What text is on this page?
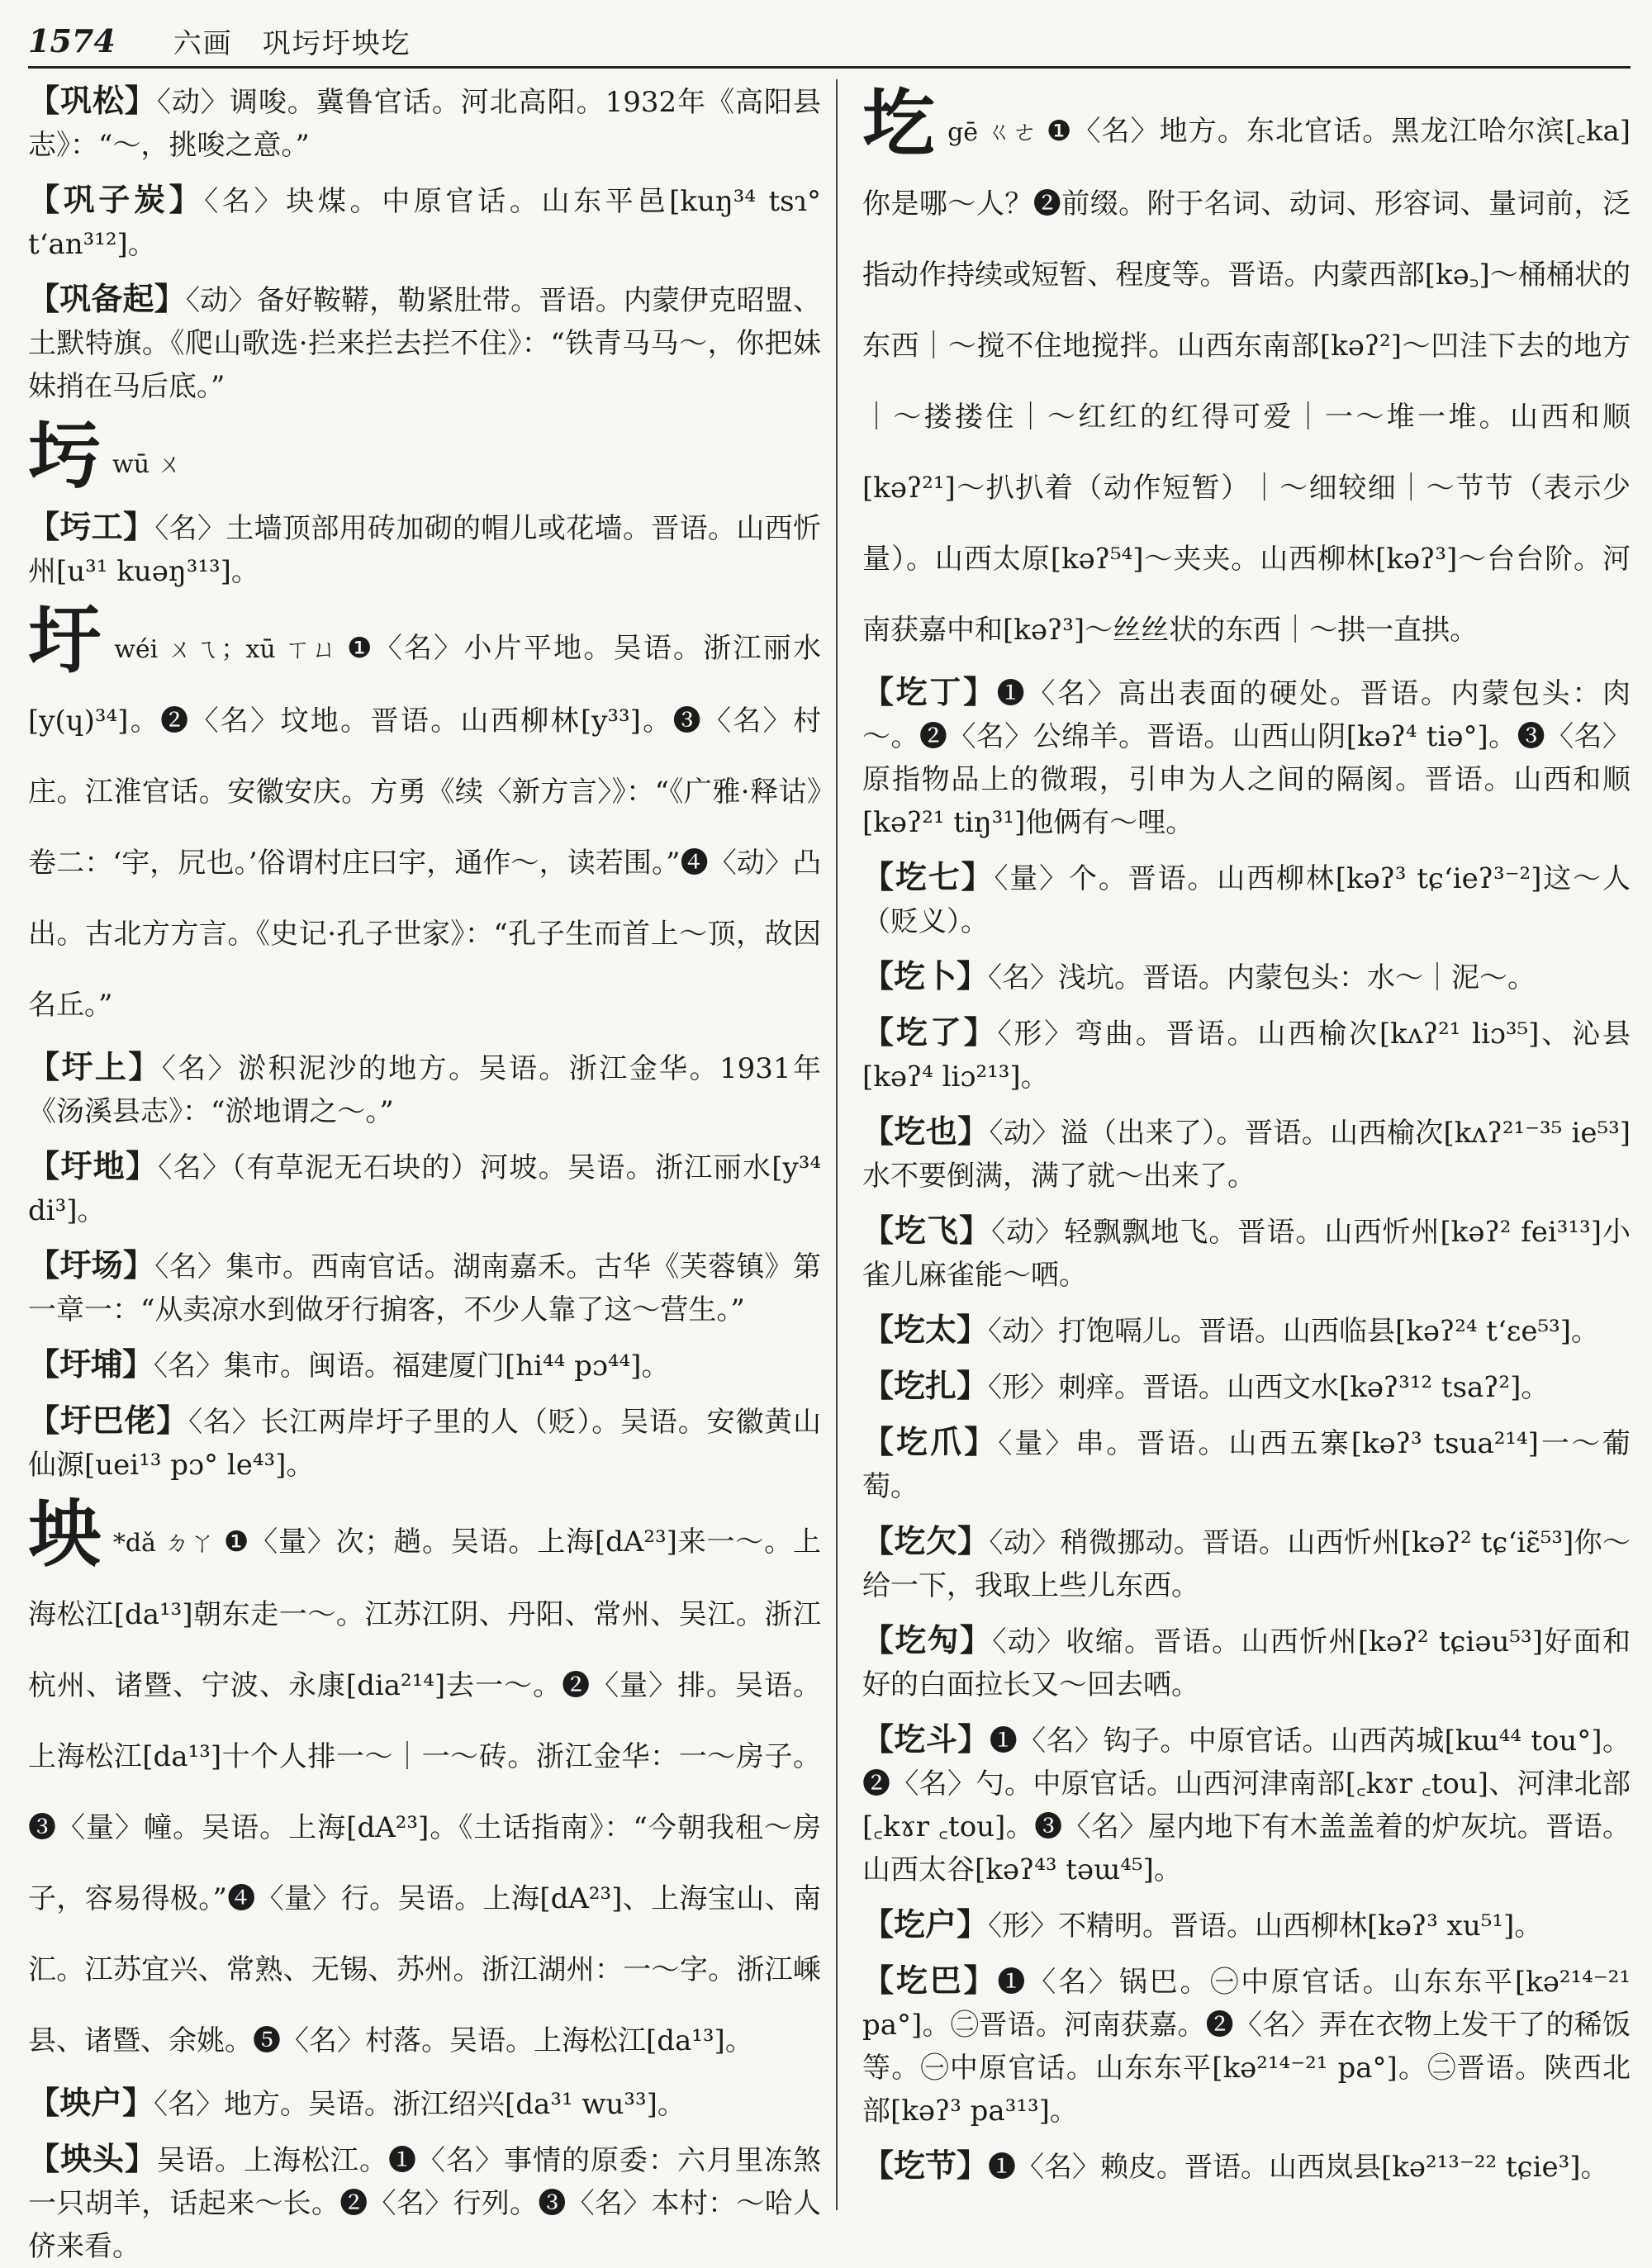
1574 六画　巩圬圩坱圪
【巩松】〈动〉调唆。冀鲁官话。河北高阳。1932年《高阳县志》：“～，挑唆之意。”
【巩子炭】〈名〉块煤。中原官话。山东平邑[kuŋ³⁴ tsɿ° tʻan³¹²]。
【巩备起】〈动〉备好鞍鞯，勒紧肚带。晋语。内蒙伊克昭盟、土默特旗。《爬山歌选·拦来拦去拦不住》：“铁青马马～，你把妹妹捎在马后底。”
圬wū ㄨ
【圬工】〈名〉土墙顶部用砖加砌的帽儿或花墙。晋语。山西忻州[u³¹ kuəŋ³¹³]。
圩wéi ㄨㄟ；xū ㄒㄩ ❶〈名〉小片平地。吴语。浙江丽水[y(ɥ)³⁴]。❷〈名〉坟地。晋语。山西柳林[y³³]。❸〈名〉村庄。江淮官话。安徽安庆。方勇《续〈新方言〉》：“《广雅·释诂》卷二：‘宇，凥也。’俗谓村庄曰宇，通作～，读若围。”❹〈动〉凸出。古北方方言。《史记·孔子世家》：“孔子生而首上～顶，故因名丘。”
【圩上】〈名〉淤积泥沙的地方。吴语。浙江金华。1931年《汤溪县志》：“淤地谓之～。”
【圩地】〈名〉（有草泥无石块的）河坡。吴语。浙江丽水[y³⁴ di³]。
【圩场】〈名〉集市。西南官话。湖南嘉禾。古华《芙蓉镇》第一章一：“从卖凉水到做牙行掮客，不少人靠了这～营生。”
【圩埔】〈名〉集市。闽语。福建厦门[hi⁴⁴ pɔ⁴⁴]。
【圩巴佬】〈名〉长江两岸圩子里的人（贬）。吴语。安徽黄山仙源[uei¹³ pɔ° le⁴³]。
坱 *dǎ ㄉㄚ ❶〈量〉次；趟。吴语。上海[dA²³]来一～。上海松江[da¹³]朝东走一～。江苏江阴、丹阳、常州、吴江。浙江杭州、诸暨、宁波、永康[dia²¹⁴]去一～。❷〈量〉排。吴语。上海松江[da¹³]十个人排一～｜一～砖。浙江金华：一～房子。❸〈量〉幢。吴语。上海[dA²³]。《土话指南》：“今朝我租～房子，容易得极。”❹〈量〉行。吴语。上海[dA²³]、上海宝山、南汇。江苏宜兴、常熟、无锡、苏州。浙江湖州：一～字。浙江嵊县、诸暨、余姚。❺〈名〉村落。吴语。上海松江[da¹³]。
【坱户】〈名〉地方。吴语。浙江绍兴[da³¹ wu³³]。
【坱头】吴语。上海松江。❶〈名〉事情的原委：六月里冻煞一只胡羊，话起来～长。❷〈名〉行列。❸〈名〉本村：～哈人侪来看。
圪gē ㄍㄜ ❶〈名〉地方。东北官话。黑龙江哈尔滨[꜀ka]你是哪～人？❷前缀。附于名词、动词、形容词、量词前，泛指动作持续或短暂、程度等。晋语。内蒙西部[kə꜆]～桶桶状的东西｜～搅不住地搅拌。山西东南部[kəʔ²]～凹洼下去的地方｜～搂搂住｜～红红的红得可爱｜一～堆一堆。山西和顺[kəʔ²¹]～扒扒着（动作短暂）｜～细较细｜～节节（表示少量）。山西太原[kəʔ⁵⁴]～夹夹。山西柳林[kəʔ³]～台台阶。河南获嘉中和[kəʔ³]～丝丝状的东西｜～拱一直拱。
【圪丁】❶〈名〉高出表面的硬处。晋语。内蒙包头：肉～。❷〈名〉公绵羊。晋语。山西山阴[kəʔ⁴ tiə°]。❸〈名〉原指物品上的微瑕，引申为人之间的隔阂。晋语。山西和顺[kəʔ²¹ tiŋ³¹]他俩有～哩。
【圪七】〈量〉个。晋语。山西柳林[kəʔ³ tɕʻieʔ³⁻²]这～人（贬义）。
【圪卜】〈名〉浅坑。晋语。内蒙包头：水～｜泥～。
【圪了】〈形〉弯曲。晋语。山西榆次[kʌʔ²¹ liɔ³⁵]、沁县[kəʔ⁴ liɔ²¹³]。
【圪也】〈动〉溢（出来了）。晋语。山西榆次[kʌʔ²¹⁻³⁵ ie⁵³]水不要倒满，满了就～出来了。
【圪飞】〈动〉轻飘飘地飞。晋语。山西忻州[kəʔ² fei³¹³]小雀儿麻雀能～哂。
【圪太】〈动〉打饱嗝儿。晋语。山西临县[kəʔ²⁴ tʻɛe⁵³]。
【圪扎】〈形〉刺痒。晋语。山西文水[kəʔ³¹² tsaʔ²]。
【圪爪】〈量〉串。晋语。山西五寨[kəʔ³ tsua²¹⁴]一～葡萄。
【圪欠】〈动〉稍微挪动。晋语。山西忻州[kəʔ² tɕʻiɛ̃⁵³]你～给一下，我取上些儿东西。
【圪勼】〈动〉收缩。晋语。山西忻州[kəʔ² tɕiəu⁵³]好面和好的白面拉长又～回去哂。
【圪斗】❶〈名〉钩子。中原官话。山西芮城[kɯ⁴⁴ tou°]。❷〈名〉勺。中原官话。山西河津南部[꜀kɤr ꜀tou]、河津北部[꜀kɤr ꜀tou]。❸〈名〉屋内地下有木盖盖着的炉灰坑。晋语。山西太谷[kəʔ⁴³ təɯ⁴⁵]。
【圪户】〈形〉不精明。晋语。山西柳林[kəʔ³ xu⁵¹]。
【圪巴】❶〈名〉锅巴。㊀中原官话。山东东平[kə²¹⁴⁻²¹ pa°]。㊁晋语。河南获嘉。❷〈名〉弄在衣物上发干了的稀饭等。㊀中原官话。山东东平[kə²¹⁴⁻²¹ pa°]。㊁晋语。陕西北部[kəʔ³ pa³¹³]。
【圪节】❶〈名〉赖皮。晋语。山西岚县[kə²¹³⁻²² tɕie³]。
